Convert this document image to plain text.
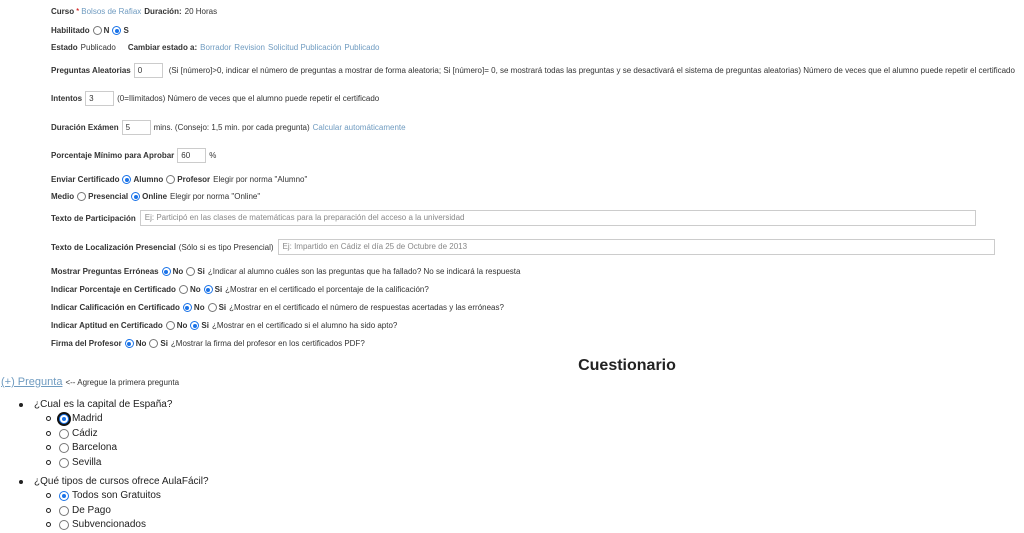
Curso * Bolsos de Rafiax Duración: 20 Horas
Habilitado N S
Estado Publicado Cambiar estado a: Borrador Revision Solicitud Publicación Publicado
Preguntas Aleatorias 0	(Si [número]>0, indicar el número de preguntas a mostrar de forma aleatoria; Si [número]= 0, se mostrará todas las preguntas y se desactivará el sistema de preguntas aleatorias) Número de veces que el alumno puede repetir el certificado
Intentos 3	(0=Ilimitados) Número de veces que el alumno puede repetir el certificado
Duración Exámen 5	mins. (Consejo: 1,5 min. por cada pregunta) Calcular automáticamente
Porcentaje Mínimo para Aprobar 60	%
Enviar Certificado Alumno Profesor Elegir por norma "Alumno"
Medio Presencial Online Elegir por norma "Online"
Texto de Participación	Ej: Participó en las clases de matemáticas para la preparación del acceso a la universidad
Texto de Localización Presencial (Sólo si es tipo Presencial)	Ej: Impartido en Cádiz el día 25 de Octubre de 2013
Mostrar Preguntas Erróneas No Si ¿Indicar al alumno cuáles son las preguntas que ha fallado? No se indicará la respuesta
Indicar Porcentaje en Certificado No Si ¿Mostrar en el certificado el porcentaje de la calificación?
Indicar Calificación en Certificado No Si ¿Mostrar en el certificado el número de respuestas acertadas y las erróneas?
Indicar Aptitud en Certificado No Si ¿Mostrar en el certificado si el alumno ha sido apto?
Firma del Profesor No Si ¿Mostrar la firma del profesor en los certificados PDF?
Cuestionario
(+) Pregunta <-- Agregue la primera pregunta
¿Cual es la capital de España?
Madrid
Cádiz
Barcelona
Sevilla
¿Qué tipos de cursos ofrece AulaFácil?
Todos son Gratuitos
De Pago
Subvencionados
